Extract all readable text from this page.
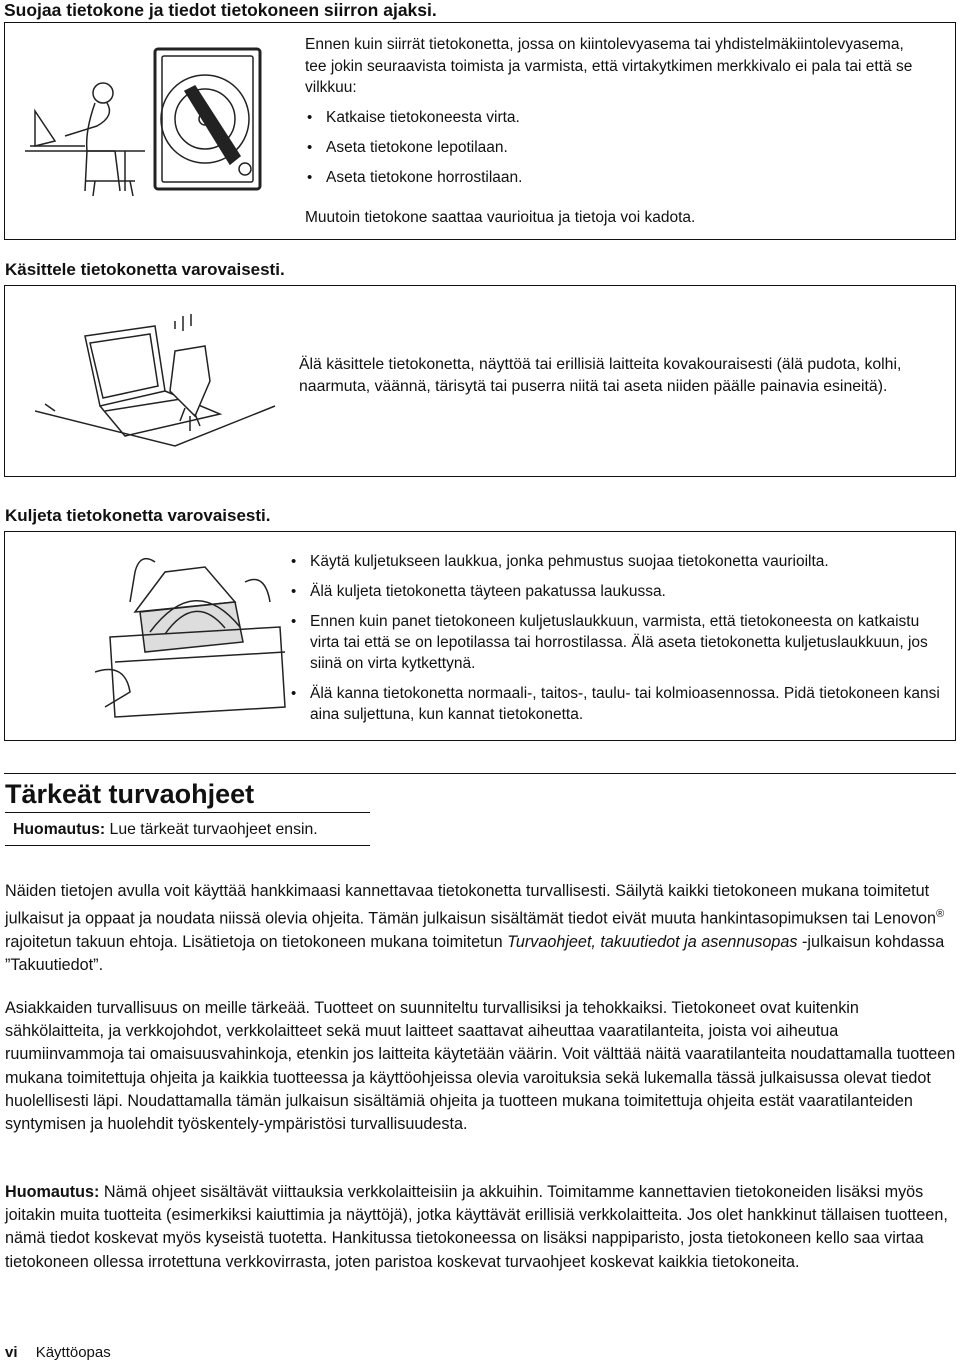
Suojaa tietokone ja tiedot tietokoneen siirron ajaksi.
Ennen kuin siirrät tietokonetta, jossa on kiintolevyasema tai yhdistelmäkiintolevyasema, tee jokin seuraavista toimista ja varmista, että virtakytkimen merkkivalo ei pala tai että se vilkkuu:
• Katkaise tietokoneesta virta.
• Aseta tietokone lepotilaan.
• Aseta tietokone horrostilaan.
Muutoin tietokone saattaa vaurioitua ja tietoja voi kadota.
Käsittele tietokonetta varovaisesti.
Älä käsittele tietokonetta, näyttöä tai erillisiä laitteita kovakouraisesti (älä pudota, kolhi, naarmuta, väännä, tärisytä tai puserra niitä tai aseta niiden päälle painavia esineitä).
Kuljeta tietokonetta varovaisesti.
• Käytä kuljetukseen laukkua, jonka pehmustus suojaa tietokonetta vaurioilta.
• Älä kuljeta tietokonetta täyteen pakatussa laukussa.
• Ennen kuin panet tietokoneen kuljetuslaukkuun, varmista, että tietokoneesta on katkaistu virta tai että se on lepotilassa tai horrostilassa. Älä aseta tietokonetta kuljetuslaukkuun, jos siinä on virta kytkettynä.
• Älä kanna tietokonetta normaali-, taitos-, taulu- tai kolmioasennossa. Pidä tietokoneen kansi aina suljettuna, kun kannat tietokonetta.
Tärkeät turvaohjeet
Huomautus: Lue tärkeät turvaohjeet ensin.
Näiden tietojen avulla voit käyttää hankkimaasi kannettavaa tietokonetta turvallisesti. Säilytä kaikki tietokoneen mukana toimitetut julkaisut ja oppaat ja noudata niissä olevia ohjeita. Tämän julkaisun sisältämät tiedot eivät muuta hankintasopimuksen tai Lenovon® rajoitetun takuun ehtoja. Lisätietoja on tietokoneen mukana toimitetun Turvaohjeet, takuutiedot ja asennusopas -julkaisun kohdassa ”Takuutiedot”.
Asiakkaiden turvallisuus on meille tärkeää. Tuotteet on suunniteltu turvallisiksi ja tehokkaiksi. Tietokoneet ovat kuitenkin sähkölaitteita, ja verkkojohdot, verkkolaitteet sekä muut laitteet saattavat aiheuttaa vaaratilanteita, joista voi aiheutua ruumiinvammoja tai omaisuusvahinkoja, etenkin jos laitteita käytetään väärin. Voit välttää näitä vaaratilanteita noudattamalla tuotteen mukana toimitettuja ohjeita ja kaikkia tuotteessa ja käyttöohjeissa olevia varoituksia sekä lukemalla tässä julkaisussa olevat tiedot huolellisesti läpi. Noudattamalla tämän julkaisun sisältämiä ohjeita ja tuotteen mukana toimitettuja ohjeita estät vaaratilanteiden syntymisen ja huolehdit työskentely-ympäristösi turvallisuudesta.
Huomautus: Nämä ohjeet sisältävät viittauksia verkkolaitteisiin ja akkuihin. Toimitamme kannettavien tietokoneiden lisäksi myös joitakin muita tuotteita (esimerkiksi kaiuttimia ja näyttöjä), jotka käyttävät erillisiä verkkolaitteita. Jos olet hankkinut tällaisen tuotteen, nämä tiedot koskevat myös kyseistä tuotetta. Hankitussa tietokoneessa on lisäksi nappiparisto, josta tietokoneen kello saa virtaa tietokoneen ollessa irrotettuna verkkovirrasta, joten paristoa koskevat turvaohjeet koskevat kaikkia tietokoneita.
vi Käyttöopas
